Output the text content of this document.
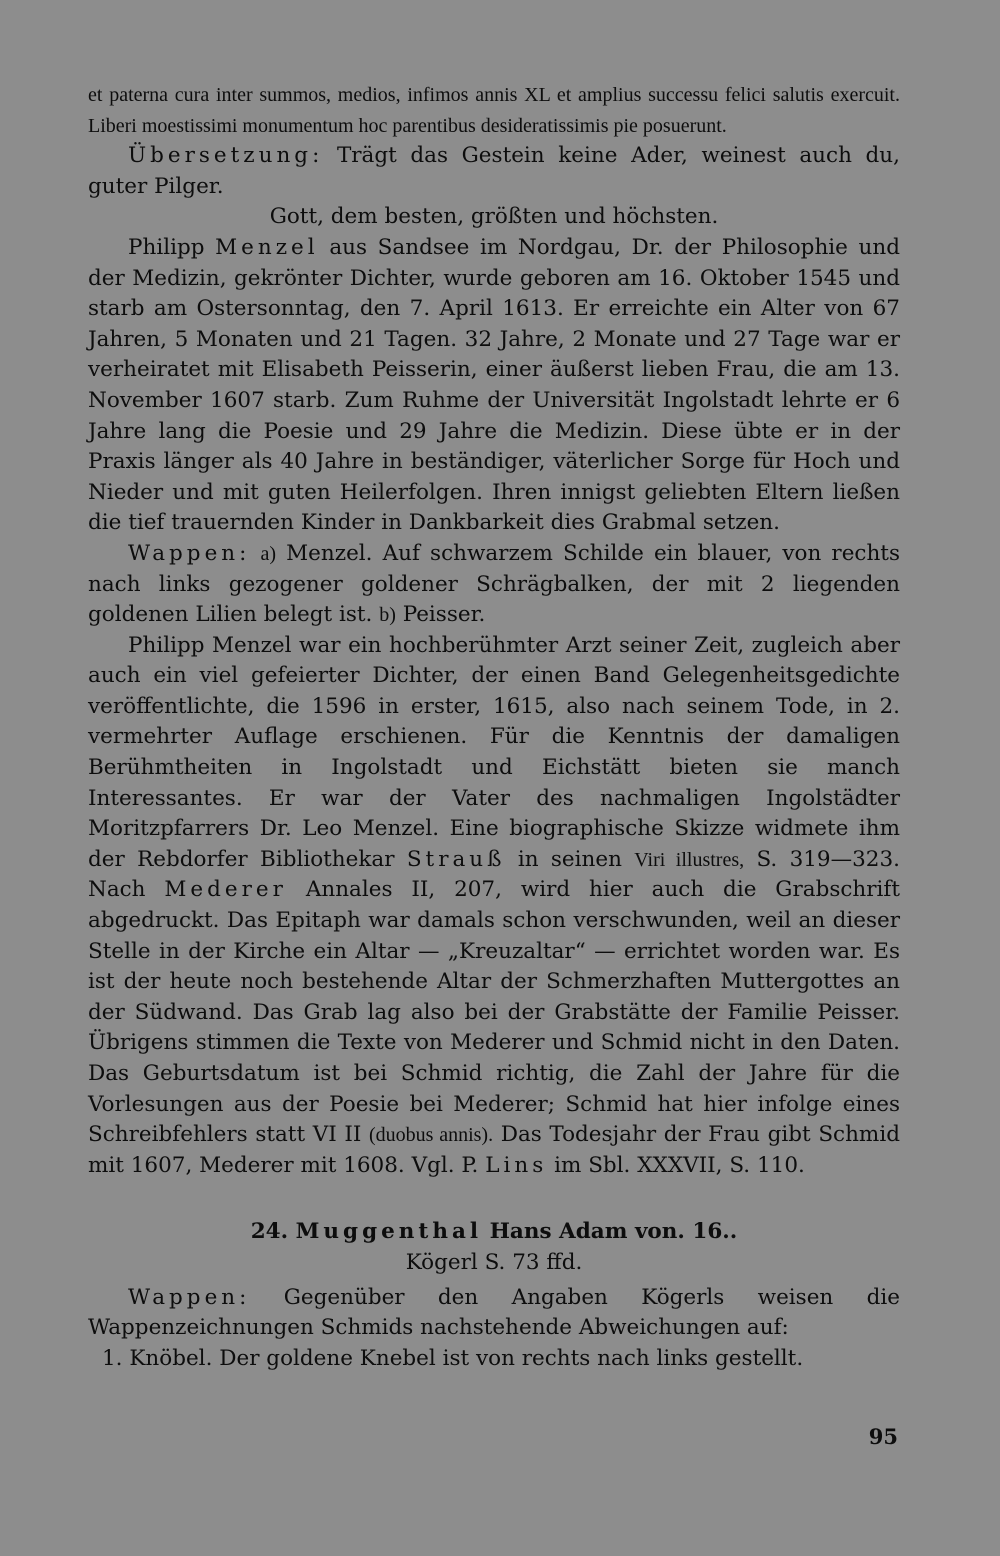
et paterna cura inter summos, medios, infimos annis XL et amplius successu felici salutis exercuit. Liberi moestissimi monumentum hoc parentibus desideratissimis pie posuerunt.

Übersetzung: Trägt das Gestein keine Ader, weinest auch du, guter Pilger.

Gott, dem besten, größten und höchsten.

Philipp Menzel aus Sandsee im Nordgau, Dr. der Philosophie und der Medizin, gekrönter Dichter, wurde geboren am 16. Oktober 1545 und starb am Ostersonntag, den 7. April 1613. Er erreichte ein Alter von 67 Jahren, 5 Monaten und 21 Tagen. 32 Jahre, 2 Monate und 27 Tage war er verheiratet mit Elisabeth Peisserin, einer äußerst lieben Frau, die am 13. November 1607 starb. Zum Ruhme der Universität Ingolstadt lehrte er 6 Jahre lang die Poesie und 29 Jahre die Medizin. Diese übte er in der Praxis länger als 40 Jahre in beständiger, väterlicher Sorge für Hoch und Nieder und mit guten Heilerfolgen. Ihren innigst geliebten Eltern ließen die tief trauernden Kinder in Dankbarkeit dies Grabmal setzen.

Wappen: a) Menzel. Auf schwarzem Schilde ein blauer, von rechts nach links gezogener goldener Schrägbalken, der mit 2 liegenden goldenen Lilien belegt ist. b) Peisser.

Philipp Menzel war ein hochberühmter Arzt seiner Zeit, zugleich aber auch ein viel gefeierter Dichter, der einen Band Gelegenheitsgedichte veröffentlichte, die 1596 in erster, 1615, also nach seinem Tode, in 2. vermehrter Auflage erschienen. Für die Kenntnis der damaligen Berühmtheiten in Ingolstadt und Eichstätt bieten sie manch Interessantes. Er war der Vater des nachmaligen Ingolstädter Moritzpfarrers Dr. Leo Menzel. Eine biographische Skizze widmete ihm der Rebdorfer Bibliothekar Strauß in seinen Viri illustres, S. 319—323. Nach Mederer Annales II, 207, wird hier auch die Grabschrift abgedruckt. Das Epitaph war damals schon verschwunden, weil an dieser Stelle in der Kirche ein Altar — „Kreuzaltar“ — errichtet worden war. Es ist der heute noch bestehende Altar der Schmerzhaften Muttergottes an der Südwand. Das Grab lag also bei der Grabstätte der Familie Peisser. Übrigens stimmen die Texte von Mederer und Schmid nicht in den Daten. Das Geburtsdatum ist bei Schmid richtig, die Zahl der Jahre für die Vorlesungen aus der Poesie bei Mederer; Schmid hat hier infolge eines Schreibfehlers statt VI II (duobus annis). Das Todesjahr der Frau gibt Schmid mit 1607, Mederer mit 1608. Vgl. P. Lins im Sbl. XXXVII, S. 110.

24. Muggenthal Hans Adam von. 16..

Kögerl S. 73 ffd.

Wappen: Gegenüber den Angaben Kögerls weisen die Wappenzeichnungen Schmids nachstehende Abweichungen auf:

1. Knöbel. Der goldene Knebel ist von rechts nach links gestellt.

95
